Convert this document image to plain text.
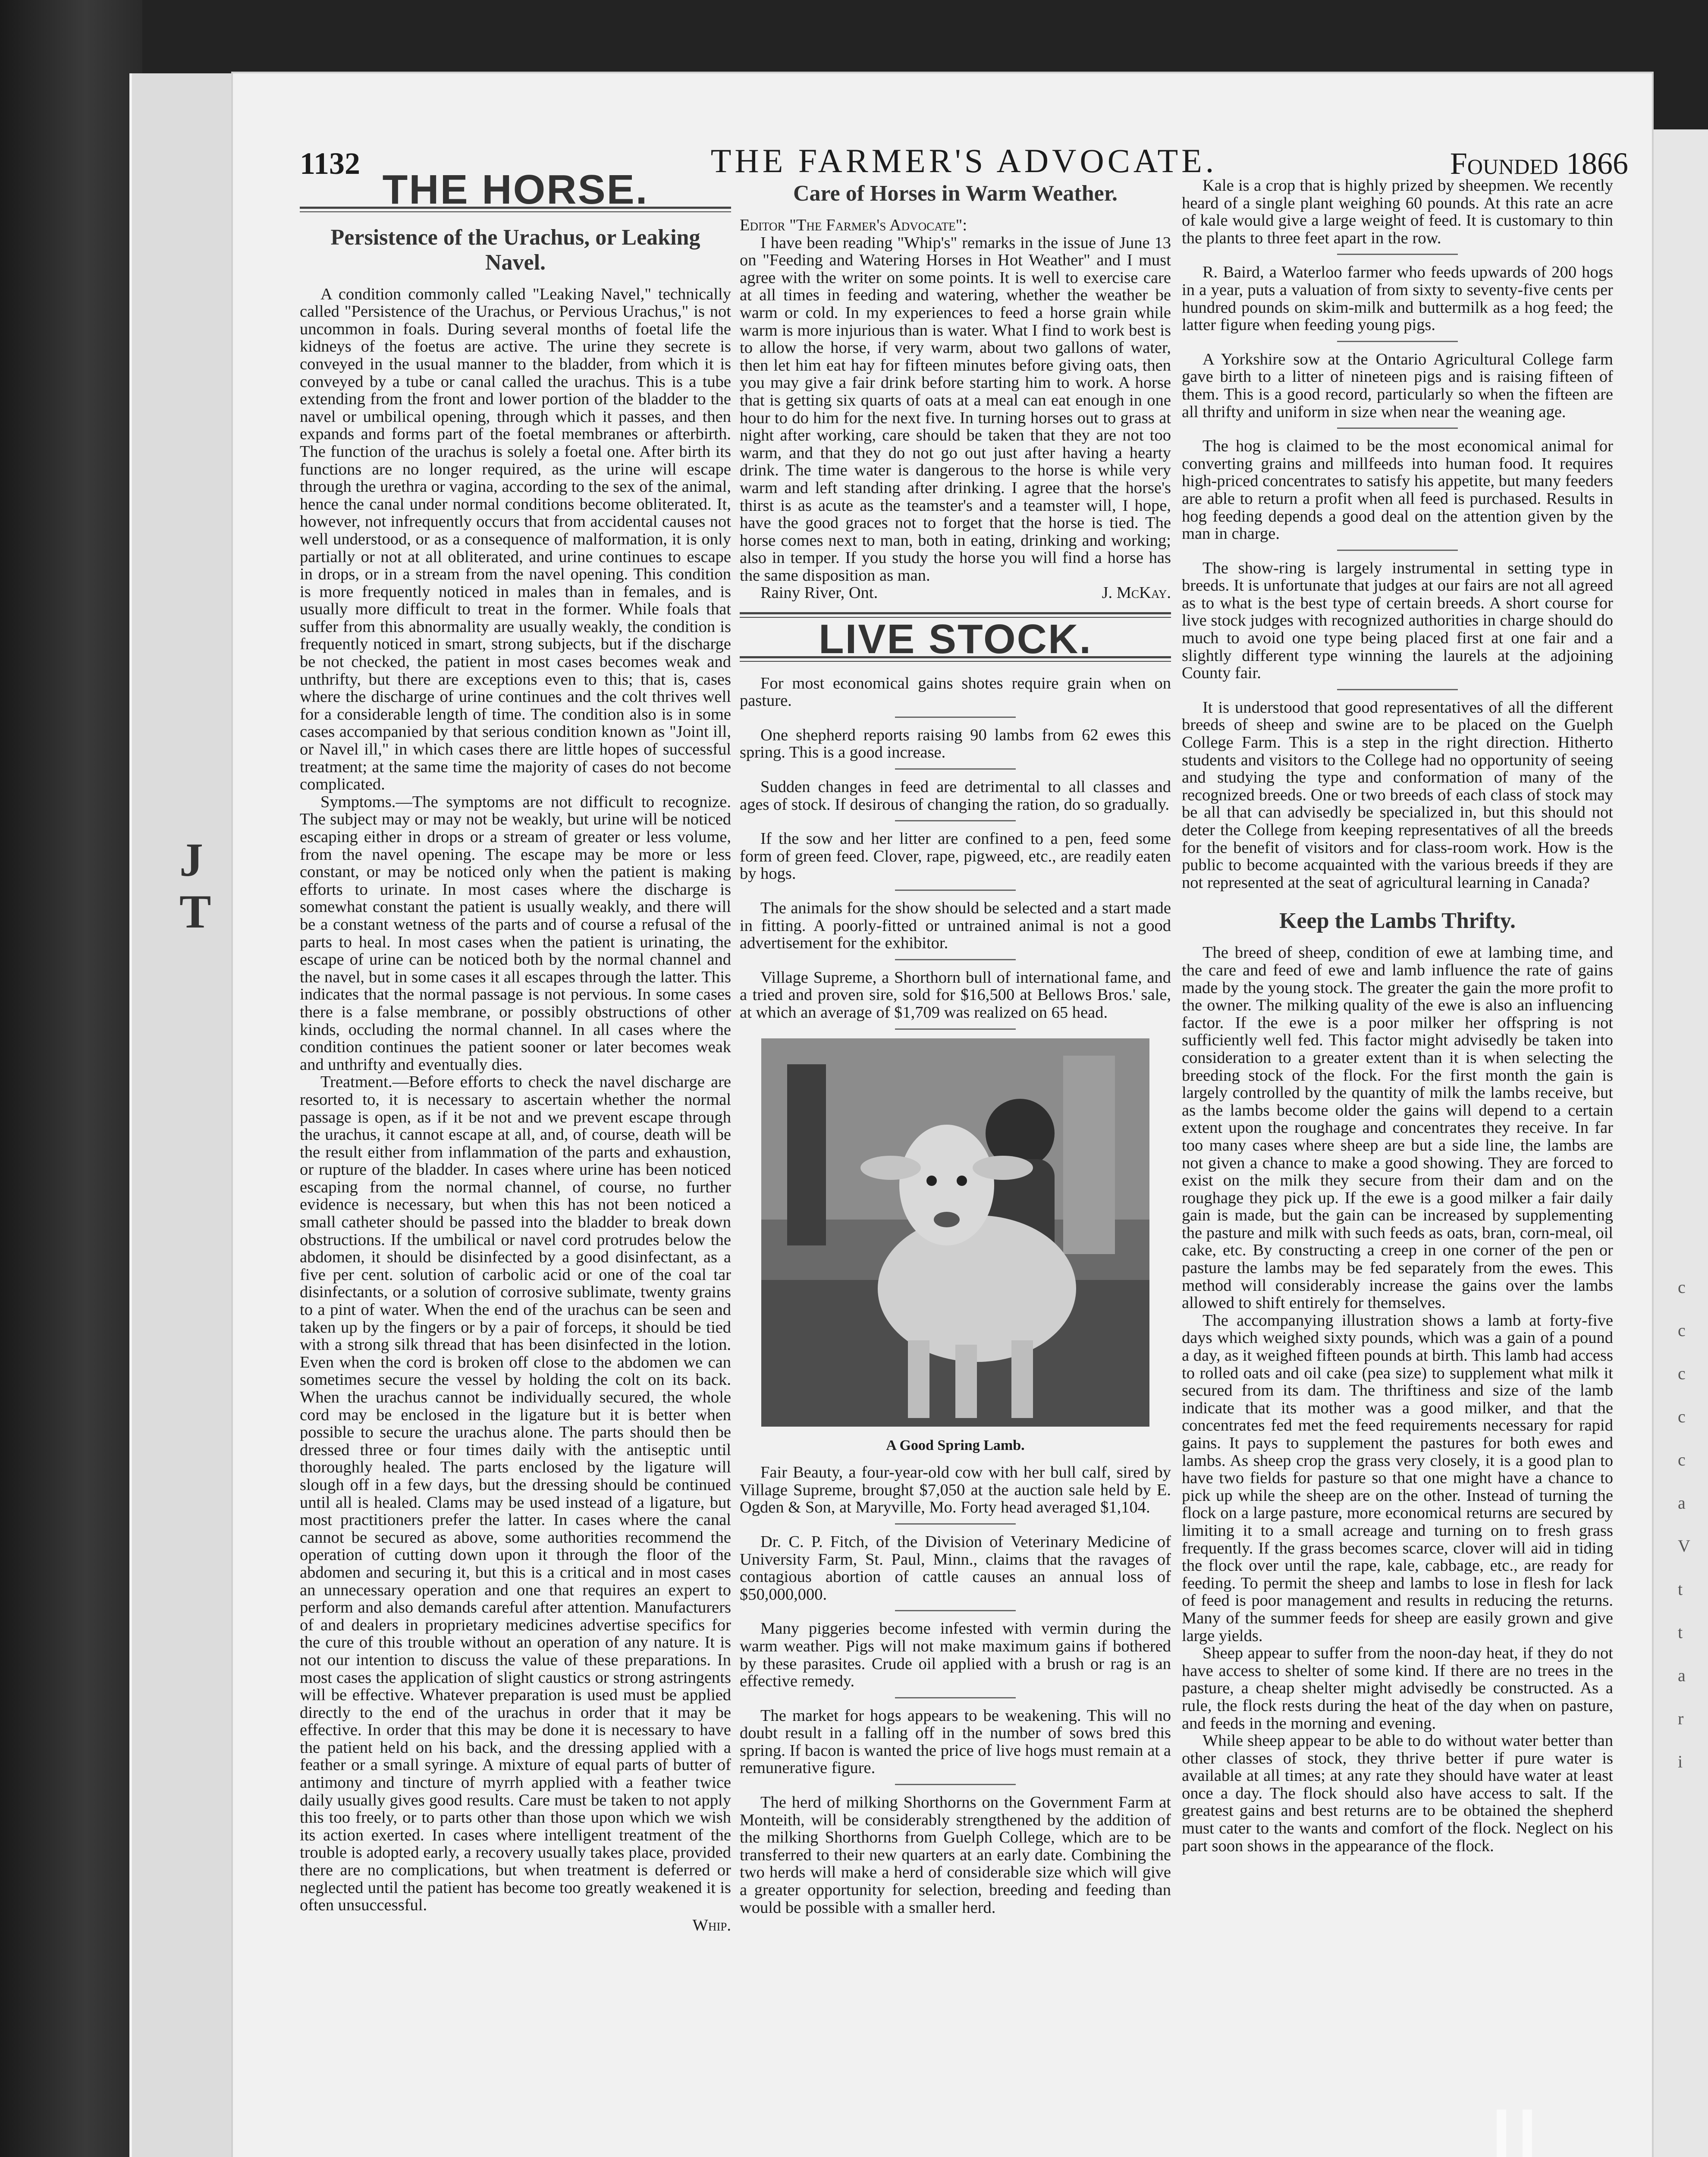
J
T
c
c
c
c
c
a
V
t
t
a
r
i
1132	THE FARMER'S ADVOCATE.	Founded 1866
THE HORSE.
Persistence of the Urachus, or Leaking Navel.

A condition commonly called "Leaking Navel," technically called "Persistence of the Urachus, or Pervious Urachus," is not uncommon in foals. During several months of foetal life the kidneys of the foetus are active. The urine they secrete is conveyed in the usual manner to the bladder, from which it is conveyed by a tube or canal called the urachus. This is a tube extending from the front and lower portion of the bladder to the navel or umbilical opening, through which it passes, and then expands and forms part of the foetal membranes or afterbirth. The function of the urachus is solely a foetal one. After birth its functions are no longer required, as the urine will escape through the urethra or vagina, according to the sex of the animal, hence the canal under normal conditions become obliterated. It, however, not infrequently occurs that from accidental causes not well understood, or as a consequence of malformation, it is only partially or not at all obliterated, and urine continues to escape in drops, or in a stream from the navel opening. This condition is more frequently noticed in males than in females, and is usually more difficult to treat in the former. While foals that suffer from this abnormality are usually weakly, the condition is frequently noticed in smart, strong subjects, but if the discharge be not checked, the patient in most cases becomes weak and unthrifty, but there are exceptions even to this; that is, cases where the discharge of urine continues and the colt thrives well for a considerable length of time. The condition also is in some cases accompanied by that serious condition known as "Joint ill, or Navel ill," in which cases there are little hopes of successful treatment; at the same time the majority of cases do not become complicated.

Symptoms.—The symptoms are not difficult to recognize. The subject may or may not be weakly, but urine will be noticed escaping either in drops or a stream of greater or less volume, from the navel opening. The escape may be more or less constant, or may be noticed only when the patient is making efforts to urinate. In most cases where the discharge is somewhat constant the patient is usually weakly, and there will be a constant wetness of the parts and of course a refusal of the parts to heal. In most cases when the patient is urinating, the escape of urine can be noticed both by the normal channel and the navel, but in some cases it all escapes through the latter. This indicates that the normal passage is not pervious. In some cases there is a false membrane, or possibly obstructions of other kinds, occluding the normal channel. In all cases where the condition continues the patient sooner or later becomes weak and unthrifty and eventually dies.

Treatment.—Before efforts to check the navel discharge are resorted to, it is necessary to ascertain whether the normal passage is open, as if it be not and we prevent escape through the urachus, it cannot escape at all, and, of course, death will be the result either from inflammation of the parts and exhaustion, or rupture of the bladder. In cases where urine has been noticed escaping from the normal channel, of course, no further evidence is necessary, but when this has not been noticed a small catheter should be passed into the bladder to break down obstructions. If the umbilical or navel cord protrudes below the abdomen, it should be disinfected by a good disinfectant, as a five per cent. solution of carbolic acid or one of the coal tar disinfectants, or a solution of corrosive sublimate, twenty grains to a pint of water. When the end of the urachus can be seen and taken up by the fingers or by a pair of forceps, it should be tied with a strong silk thread that has been disinfected in the lotion. Even when the cord is broken off close to the abdomen we can sometimes secure the vessel by holding the colt on its back. When the urachus cannot be individually secured, the whole cord may be enclosed in the ligature but it is better when possible to secure the urachus alone. The parts should then be dressed three or four times daily with the antiseptic until thoroughly healed. The parts enclosed by the ligature will slough off in a few days, but the dressing should be continued until all is healed. Clams may be used instead of a ligature, but most practitioners prefer the latter. In cases where the canal cannot be secured as above, some authorities recommend the operation of cutting down upon it through the floor of the abdomen and securing it, but this is a critical and in most cases an unnecessary operation and one that requires an expert to perform and also demands careful after attention. Manufacturers of and dealers in proprietary medicines advertise specifics for the cure of this trouble without an operation of any nature. It is not our intention to discuss the value of these preparations. In most cases the application of slight caustics or strong astringents will be effective. Whatever preparation is used must be applied directly to the end of the urachus in order that it may be effective. In order that this may be done it is necessary to have the patient held on his back, and the dressing applied with a feather or a small syringe. A mixture of equal parts of butter of antimony and tincture of myrrh applied with a feather twice daily usually gives good results. Care must be taken to not apply this too freely, or to parts other than those upon which we wish its action exerted. In cases where intelligent treatment of the trouble is adopted early, a recovery usually takes place, provided there are no complications, but when treatment is deferred or neglected until the patient has become too greatly weakened it is often unsuccessful.

Whip.
Care of Horses in Warm Weather.

Editor "The Farmer's Advocate":

I have been reading "Whip's" remarks in the issue of June 13 on "Feeding and Watering Horses in Hot Weather" and I must agree with the writer on some points. It is well to exercise care at all times in feeding and watering, whether the weather be warm or cold. In my experiences to feed a horse grain while warm is more injurious than is water. What I find to work best is to allow the horse, if very warm, about two gallons of water, then let him eat hay for fifteen minutes before giving oats, then you may give a fair drink before starting him to work. A horse that is getting six quarts of oats at a meal can eat enough in one hour to do him for the next five. In turning horses out to grass at night after working, care should be taken that they are not too warm, and that they do not go out just after having a hearty drink. The time water is dangerous to the horse is while very warm and left standing after drinking. I agree that the horse's thirst is as acute as the teamster's and a teamster will, I hope, have the good graces not to forget that the horse is tied. The horse comes next to man, both in eating, drinking and working; also in temper. If you study the horse you will find a horse has the same disposition as man.

Rainy River, Ont.	J. McKay.

LIVE STOCK.

For most economical gains shotes require grain when on pasture.

One shepherd reports raising 90 lambs from 62 ewes this spring. This is a good increase.

Sudden changes in feed are detrimental to all classes and ages of stock. If desirous of changing the ration, do so gradually.

If the sow and her litter are confined to a pen, feed some form of green feed. Clover, rape, pigweed, etc., are readily eaten by hogs.

The animals for the show should be selected and a start made in fitting. A poorly-fitted or untrained animal is not a good advertisement for the exhibitor.

Village Supreme, a Shorthorn bull of international fame, and a tried and proven sire, sold for $16,500 at Bellows Bros.' sale, at which an average of $1,709 was realized on 65 head.

A Good Spring Lamb.

Fair Beauty, a four-year-old cow with her bull calf, sired by Village Supreme, brought $7,050 at the auction sale held by E. Ogden & Son, at Maryville, Mo. Forty head averaged $1,104.

Dr. C. P. Fitch, of the Division of Veterinary Medicine of University Farm, St. Paul, Minn., claims that the ravages of contagious abortion of cattle causes an annual loss of $50,000,000.

Many piggeries become infested with vermin during the warm weather. Pigs will not make maximum gains if bothered by these parasites. Crude oil applied with a brush or rag is an effective remedy.

The market for hogs appears to be weakening. This will no doubt result in a falling off in the number of sows bred this spring. If bacon is wanted the price of live hogs must remain at a remunerative figure.

The herd of milking Shorthorns on the Government Farm at Monteith, will be considerably strengthened by the addition of the milking Shorthorns from Guelph College, which are to be transferred to their new quarters at an early date. Combining the two herds will make a herd of considerable size which will give a greater opportunity for selection, breeding and feeding than would be possible with a smaller herd.

Kale is a crop that is highly prized by sheepmen. We recently heard of a single plant weighing 60 pounds. At this rate an acre of kale would give a large weight of feed. It is customary to thin the plants to three feet apart in the row.

R. Baird, a Waterloo farmer who feeds upwards of 200 hogs in a year, puts a valuation of from sixty to seventy-five cents per hundred pounds on skim-milk and buttermilk as a hog feed; the latter figure when feeding young pigs.

A Yorkshire sow at the Ontario Agricultural College farm gave birth to a litter of nineteen pigs and is raising fifteen of them. This is a good record, particularly so when the fifteen are all thrifty and uniform in size when near the weaning age.

The hog is claimed to be the most economical animal for converting grains and millfeeds into human food. It requires high-priced concentrates to satisfy his appetite, but many feeders are able to return a profit when all feed is purchased. Results in hog feeding depends a good deal on the attention given by the man in charge.

The show-ring is largely instrumental in setting type in breeds. It is unfortunate that judges at our fairs are not all agreed as to what is the best type of certain breeds. A short course for live stock judges with recognized authorities in charge should do much to avoid one type being placed first at one fair and a slightly different type winning the laurels at the adjoining County fair.

It is understood that good representatives of all the different breeds of sheep and swine are to be placed on the Guelph College Farm. This is a step in the right direction. Hitherto students and visitors to the College had no opportunity of seeing and studying the type and conformation of many of the recognized breeds. One or two breeds of each class of stock may be all that can advisedly be specialized in, but this should not deter the College from keeping representatives of all the breeds for the benefit of visitors and for class-room work. How is the public to become acquainted with the various breeds if they are not represented at the seat of agricultural learning in Canada?

Keep the Lambs Thrifty.

The breed of sheep, condition of ewe at lambing time, and the care and feed of ewe and lamb influence the rate of gains made by the young stock. The greater the gain the more profit to the owner. The milking quality of the ewe is also an influencing factor. If the ewe is a poor milker her offspring is not sufficiently well fed. This factor might advisedly be taken into consideration to a greater extent than it is when selecting the breeding stock of the flock. For the first month the gain is largely controlled by the quantity of milk the lambs receive, but as the lambs become older the gains will depend to a certain extent upon the roughage and concentrates they receive. In far too many cases where sheep are but a side line, the lambs are not given a chance to make a good showing. They are forced to exist on the milk they secure from their dam and on the roughage they pick up. If the ewe is a good milker a fair daily gain is made, but the gain can be increased by supplementing the pasture and milk with such feeds as oats, bran, corn-meal, oil cake, etc. By constructing a creep in one corner of the pen or pasture the lambs may be fed separately from the ewes. This method will considerably increase the gains over the lambs allowed to shift entirely for themselves.

The accompanying illustration shows a lamb at forty-five days which weighed sixty pounds, which was a gain of a pound a day, as it weighed fifteen pounds at birth. This lamb had access to rolled oats and oil cake (pea size) to supplement what milk it secured from its dam. The thriftiness and size of the lamb indicate that its mother was a good milker, and that the concentrates fed met the feed requirements necessary for rapid gains. It pays to supplement the pastures for both ewes and lambs. As sheep crop the grass very closely, it is a good plan to have two fields for pasture so that one might have a chance to pick up while the sheep are on the other. Instead of turning the flock on a large pasture, more economical returns are secured by limiting it to a small acreage and turning on to fresh grass frequently. If the grass becomes scarce, clover will aid in tiding the flock over until the rape, kale, cabbage, etc., are ready for feeding. To permit the sheep and lambs to lose in flesh for lack of feed is poor management and results in reducing the returns. Many of the summer feeds for sheep are easily grown and give large yields.

Sheep appear to suffer from the noon-day heat, if they do not have access to shelter of some kind. If there are no trees in the pasture, a cheap shelter might advisedly be constructed. As a rule, the flock rests during the heat of the day when on pasture, and feeds in the morning and evening.

While sheep appear to be able to do without water better than other classes of stock, they thrive better if pure water is available at all times; at any rate they should have water at least once a day. The flock should also have access to salt. If the greatest gains and best returns are to be obtained the shepherd must cater to the wants and comfort of the flock. Neglect on his part soon shows in the appearance of the flock.
